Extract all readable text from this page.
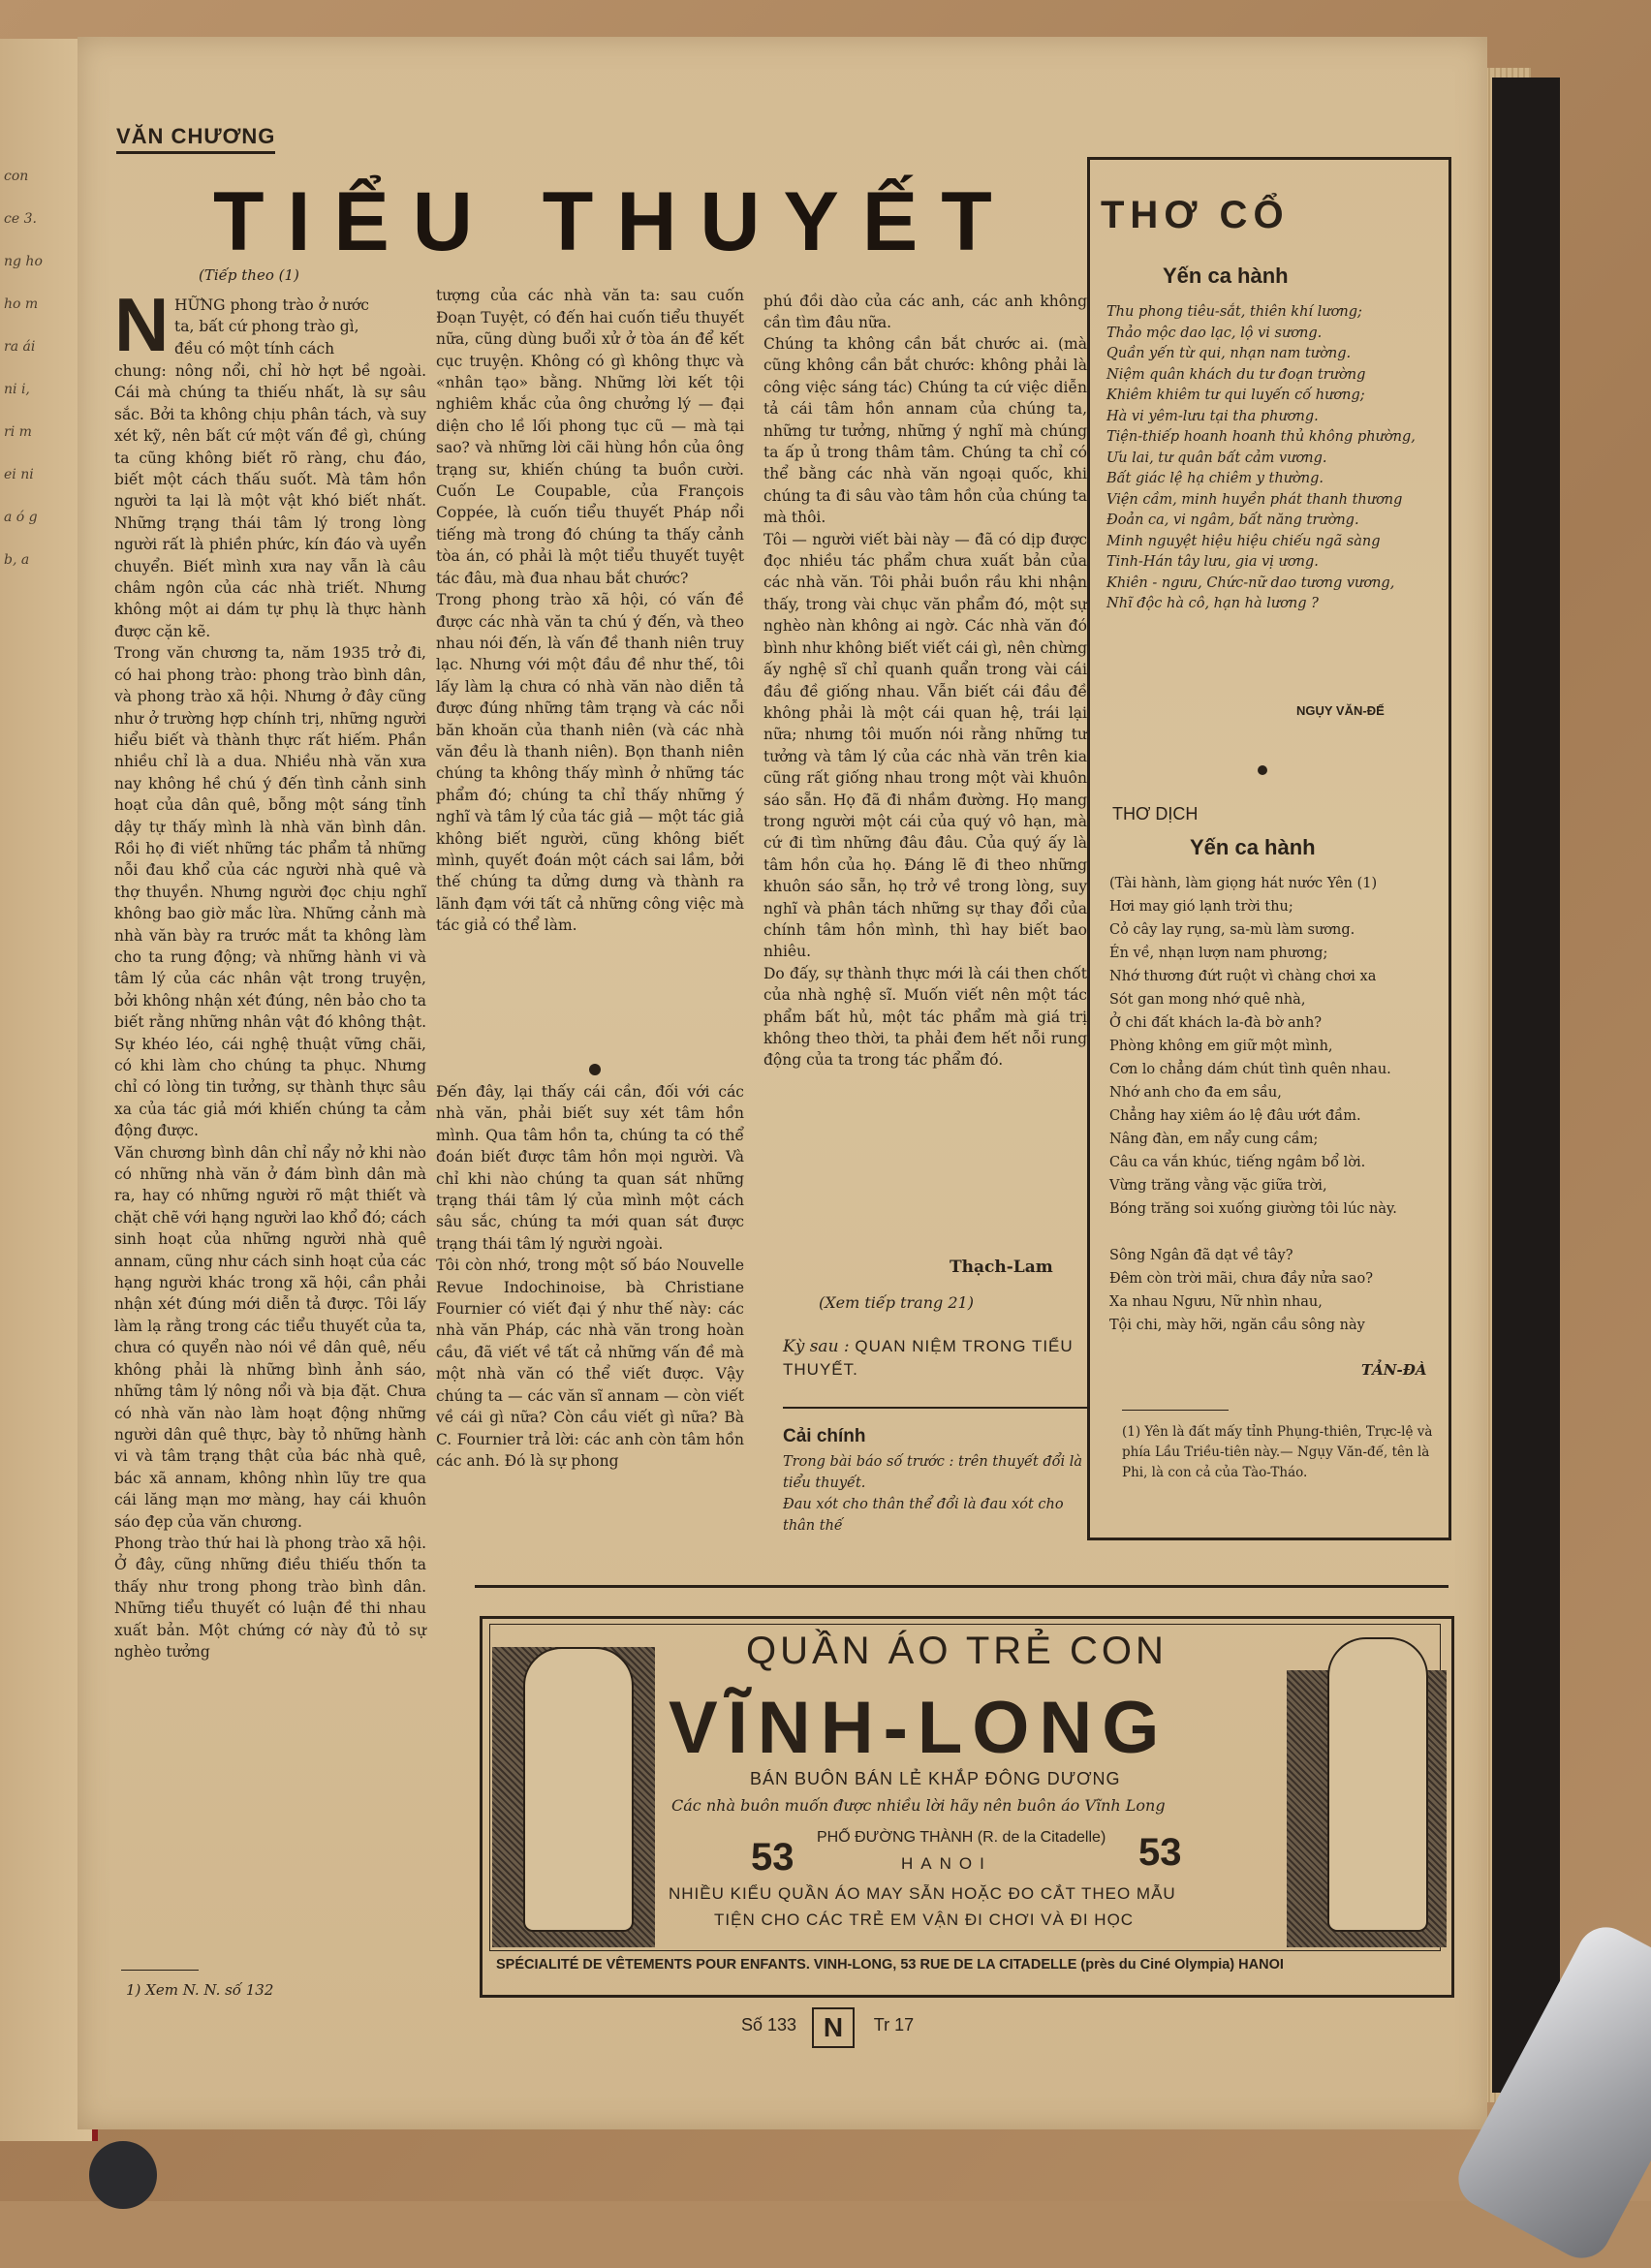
con ce 3. ng ho ho m ra ái ni i, ri m ei ni a ó g b, a
VĂN CHƯƠNG
TIỂU THUYẾT
(Tiếp theo (1)
N HỮNG phong trào ở nước
ta, bất cứ phong trào gì,
đều có một tính cách
chung: nông nổi, chỉ hờ hợt bề ngoài. Cái mà chúng ta thiếu nhất, là sự sâu sắc. Bởi ta không chịu phân tách, và suy xét kỹ, nên bất cứ một vấn đề gì, chúng ta cũng không biết rõ ràng, chu đáo, biết một cách thấu suốt. Mà tâm hồn người ta lại là một vật khó biết nhất. Những trạng thái tâm lý trong lòng người rất là phiền phức, kín đáo và uyển chuyển. Biết mình xưa nay vẫn là câu châm ngôn của các nhà triết. Nhưng không một ai dám tự phụ là thực hành được cặn kẽ.
Trong văn chương ta, năm 1935 trở đi, có hai phong trào: phong trào bình dân, và phong trào xã hội. Nhưng ở đây cũng như ở trường hợp chính trị, những người hiểu biết và thành thực rất hiếm. Phần nhiều chỉ là a dua. Nhiều nhà văn xưa nay không hề chú ý đến tình cảnh sinh hoạt của dân quê, bỗng một sáng tỉnh dậy tự thấy mình là nhà văn bình dân. Rồi họ đi viết những tác phẩm tả những nỗi đau khổ của các người nhà quê và thợ thuyền. Nhưng người đọc chịu nghĩ không bao giờ mắc lừa. Những cảnh mà nhà văn bày ra trước mắt ta không làm cho ta rung động; và những hành vi và tâm lý của các nhân vật trong truyện, bởi không nhận xét đúng, nên bảo cho ta biết rằng những nhân vật đó không thật. Sự khéo léo, cái nghệ thuật vững chãi, có khi làm cho chúng ta phục. Nhưng chỉ có lòng tin tưởng, sự thành thực sâu xa của tác giả mới khiến chúng ta cảm động được.
Văn chương bình dân chỉ nẩy nở khi nào có những nhà văn ở đám bình dân mà ra, hay có những người rõ mật thiết và chặt chẽ với hạng người lao khổ đó; cách sinh hoạt của những người nhà quê annam, cũng như cách sinh hoạt của các hạng người khác trong xã hội, cần phải nhận xét đúng mới diễn tả được. Tôi lấy làm lạ rằng trong các tiểu thuyết của ta, chưa có quyển nào nói về dân quê, nếu không phải là những bình ảnh sáo, những tâm lý nông nổi và bịa đặt. Chưa có nhà văn nào làm hoạt động những người dân quê thực, bày tỏ những hành vi và tâm trạng thật của bác nhà quê, bác xã annam, không nhìn lũy tre qua cái lăng mạn mơ màng, hay cái khuôn sáo đẹp của văn chương.
Phong trào thứ hai là phong trào xã hội. Ở đây, cũng những điều thiếu thốn ta thấy như trong phong trào bình dân. Những tiểu thuyết có luận đề thi nhau xuất bản. Một chứng cớ này đủ tỏ sự nghèo tưởng

tượng của các nhà văn ta: sau cuốn Đoạn Tuyệt, có đến hai cuốn tiểu thuyết nữa, cũng dùng buổi xử ở tòa án để kết cục truyện. Không có gì không thực và «nhân tạo» bằng. Những lời kết tội nghiêm khắc của ông chưởng lý — đại diện cho lề lối phong tục cũ — mà tại sao? và những lời cãi hùng hồn của ông trạng sư, khiến chúng ta buồn cười. Cuốn Le Coupable, của François Coppée, là cuốn tiểu thuyết Pháp nổi tiếng mà trong đó chúng ta thấy cảnh tòa án, có phải là một tiểu thuyết tuyệt tác đâu, mà đua nhau bắt chước?
Trong phong trào xã hội, có vấn đề được các nhà văn ta chú ý đến, và theo nhau nói đến, là vấn đề thanh niên truy lạc. Nhưng với một đầu đề như thế, tôi lấy làm lạ chưa có nhà văn nào diễn tả được đúng những tâm trạng và các nỗi băn khoăn của thanh niên (và các nhà văn đều là thanh niên). Bọn thanh niên chúng ta không thấy mình ở những tác phẩm đó; chúng ta chỉ thấy những ý nghĩ và tâm lý của tác giả — một tác giả không biết người, cũng không biết mình, quyết đoán một cách sai lầm, bởi thế chúng ta dửng dưng và thành ra lãnh đạm với tất cả những công việc mà tác giả có thể làm.

Đến đây, lại thấy cái cần, đối với các nhà văn, phải biết suy xét tâm hồn mình. Qua tâm hồn ta, chúng ta có thể đoán biết được tâm hồn mọi người. Và chỉ khi nào chúng ta quan sát những trạng thái tâm lý của mình một cách sâu sắc, chúng ta mới quan sát được trạng thái tâm lý người ngoài.
Tôi còn nhớ, trong một số báo Nouvelle Revue Indochinoise, bà Christiane Fournier có viết đại ý như thế này: các nhà văn Pháp, các nhà văn trong hoàn cầu, đã viết về tất cả những vấn đề mà một nhà văn có thể viết được. Vậy chúng ta — các văn sĩ annam — còn viết về cái gì nữa? Còn cầu viết gì nữa? Bà C. Fournier trả lời: các anh còn tâm hồn các anh. Đó là sự phong
phú đồi dào của các anh, các anh không cần tìm đâu nữa.
Chúng ta không cần bắt chước ai. (mà cũng không cần bắt chước: không phải là công việc sáng tác) Chúng ta cứ việc diễn tả cái tâm hồn annam của chúng ta, những tư tưởng, những ý nghĩ mà chúng ta ấp ủ trong thâm tâm. Chúng ta chỉ có thể bằng các nhà văn ngoại quốc, khi chúng ta đi sâu vào tâm hồn của chúng ta mà thôi.
Tôi — người viết bài này — đã có dịp được đọc nhiều tác phẩm chưa xuất bản của các nhà văn. Tôi phải buồn rầu khi nhận thấy, trong vài chục văn phẩm đó, một sự nghèo nàn không ai ngờ. Các nhà văn đó bình như không biết viết cái gì, nên chừng ấy nghệ sĩ chỉ quanh quẩn trong vài cái đầu đề giống nhau. Vẫn biết cái đầu đề không phải là một cái quan hệ, trái lại nữa; nhưng tôi muốn nói rằng những tư tưởng và tâm lý của các nhà văn trên kia cũng rất giống nhau trong một vài khuôn sáo sẵn. Họ đã đi nhầm đường. Họ mang trong người một cái của quý vô hạn, mà cứ đi tìm những đâu đâu. Của quý ấy là tâm hồn của họ. Đáng lẽ đi theo những khuôn sáo sẵn, họ trở về trong lòng, suy nghĩ và phân tách những sự thay đổi của chính tâm hồn mình, thì hay biết bao nhiêu.
Do đấy, sự thành thực mới là cái then chốt của nhà nghệ sĩ. Muốn viết nên một tác phẩm bất hủ, một tác phẩm mà giá trị không theo thời, ta phải đem hết nỗi rung động của ta trong tác phẩm đó.
Thạch-Lam
(Xem tiếp trang 21)
Kỳ sau : QUAN NIỆM TRONG TIỂU THUYẾT.
Cải chính
Trong bài báo số trước : trên thuyết đổi là tiểu thuyết.
Đau xót cho thân thể đổi là đau xót cho thân thế
THƠ CỔ
Yến ca hành
Thu phong tiêu-sắt, thiên khí lương;
Thảo mộc dao lạc, lộ vi sương.
Quần yến từ qui, nhạn nam tường.
Niệm quân khách du tư đoạn trường
Khiêm khiêm tư qui luyến cố hương;
Hà vi yêm-lưu tại tha phương.
Tiện-thiếp hoanh hoanh thủ không phường,
Ưu lai, tư quân bất cảm vương.
Bất giác lệ hạ chiêm y thường.
Viện cầm, minh huyền phát thanh thương
Đoản ca, vi ngâm, bất năng trường.
Minh nguyệt hiệu hiệu chiếu ngã sàng
Tinh-Hán tây lưu, gia vị ương.
Khiên - ngưu, Chức-nữ dao tương vương,
Nhĩ độc hà cô, hạn hà lương ?
NGỤY VĂN-ĐẾ
THƠ DỊCH
Yến ca hành
(Tài hành, làm giọng hát nước Yên (1)
Hơi may gió lạnh trời thu;
Cỏ cây lay rụng, sa-mù làm sương.
Én về, nhạn lượn nam phương;
Nhớ thương đứt ruột vì chàng chơi xa
Sót gan mong nhớ quê nhà,
Ở chi đất khách la-đà bờ anh?
Phòng không em giữ một mình,
Cơn lo chẳng dám chút tình quên nhau.
Nhớ anh cho đa em sầu,
Chẳng hay xiêm áo lệ đâu ướt đầm.
Nâng đàn, em nẩy cung cầm;
Câu ca vắn khúc, tiếng ngâm bổ lời.
Vừng trăng vằng vặc giữa trời,
Bóng trăng soi xuống giường tôi lúc này.

Sông Ngân đã dạt về tây?
Đêm còn trời mãi, chưa đầy nửa sao?
Xa nhau Ngưu, Nữ nhìn nhau,
Tội chi, mày hỡi, ngăn cầu sông này
TẢN-ĐÀ
(1) Yên là đất mấy tỉnh Phụng-thiên, Trực-lệ và phía Lầu Triều-tiên này.— Ngụy Văn-đế, tên là Phi, là con cả của Tào-Tháo.
1) Xem N. N. số 132
QUẦN ÁO TRẺ CON
VĨNH-LONG
BÁN BUÔN BÁN LẺ KHẮP ĐÔNG DƯƠNG
Các nhà buôn muốn được nhiều lời hãy nên buôn áo Vĩnh Long
53	53
PHỐ ĐƯỜNG THÀNH (R. de la Citadelle)
HANOI
NHIỀU KIỂU QUẦN ÁO MAY SẴN HOẶC ĐO CẮT THEO MẪU
TIỆN CHO CÁC TRẺ EM VẬN ĐI CHƠI VÀ ĐI HỌC
SPÉCIALITÉ DE VÊTEMENTS POUR ENFANTS. VINH-LONG, 53 RUE DE LA CITADELLE (près du Ciné Olympia) HANOI
Số 133	Tr 17
N
